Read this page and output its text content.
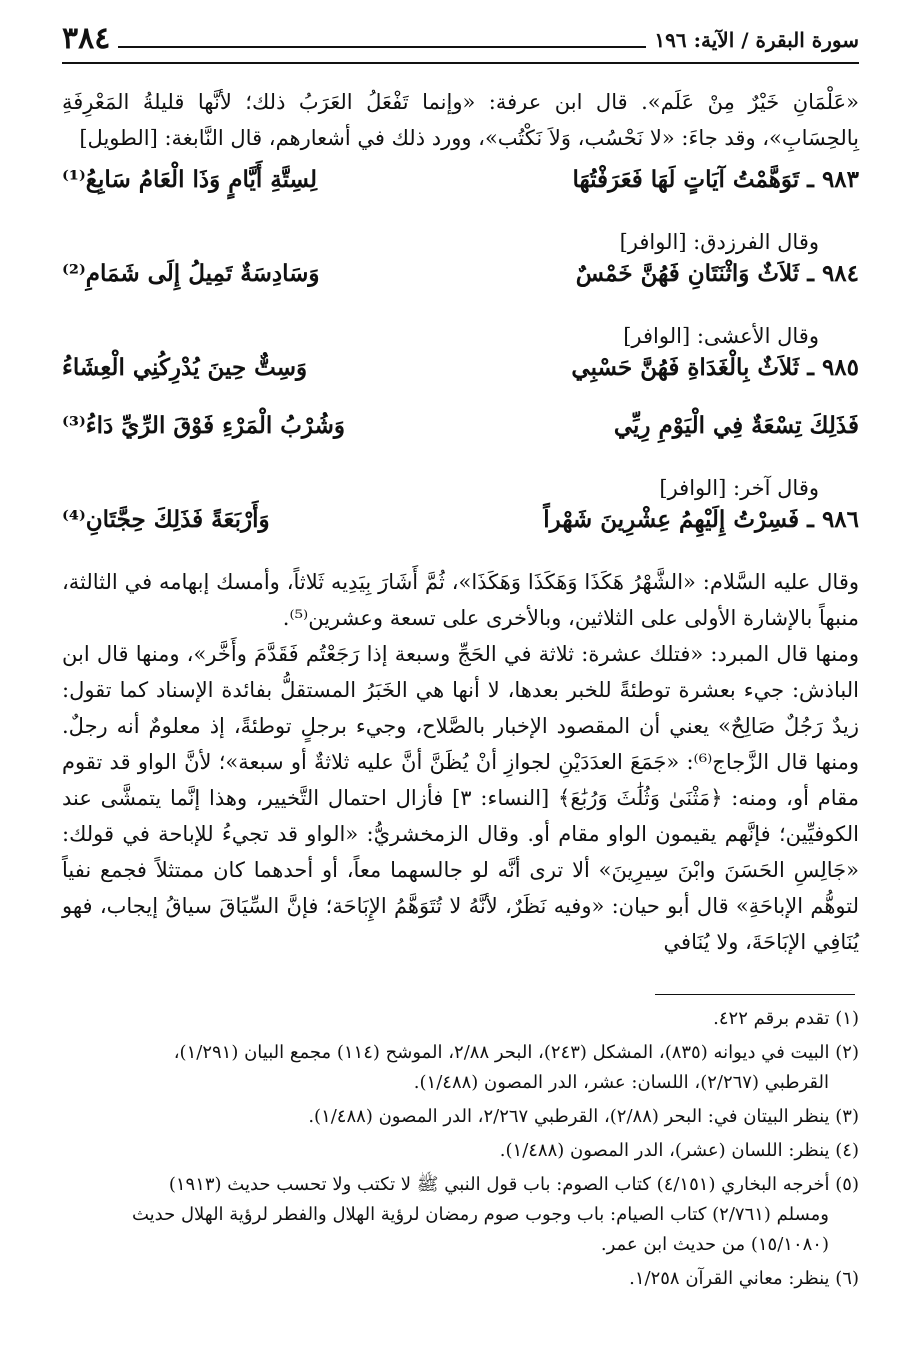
سورة البقرة / الآية: ١٩٦
٣٨٤

«عَلْمَانِ خَيْرٌ مِنْ عَلَم». قال ابن عرفة: «وإنما تَفْعَلُ العَرَبُ ذلك؛ لأنَّها قليلةُ المَعْرِفَةِ بِالحِسَابِ»، وقد جاءَ: «لا نَحْسُب، وَلاَ نَكْتُب»، وورد ذلك في أشعارهم، قال النَّابغة: [الطويل]

٩٨٣ ـ تَوَهَّمْتُ آيَاتٍ لَهَا فَعَرَفْتُهَا
لِسِتَّةِ أَيَّامٍ وَذَا الْعَامُ سَابِعُ⁽¹⁾

وقال الفرزدق: [الوافر]

٩٨٤ ـ ثَلاَثٌ وَاثْنَتَانِ فَهُنَّ خَمْسٌ
وَسَادِسَةٌ تَمِيلُ إِلَى شَمَامِ⁽²⁾

وقال الأعشى: [الوافر]

٩٨٥ ـ ثَلاَثٌ بِالْغَدَاةِ فَهُنَّ حَسْبِي
وَسِتٌّ حِينَ يُدْرِكُنِي الْعِشَاءُ
فَذَلِكَ تِسْعَةٌ فِي الْيَوْمِ رِيِّي
وَشُرْبُ الْمَرْءِ فَوْقَ الرِّيِّ دَاءُ⁽³⁾

وقال آخر: [الوافر]

٩٨٦ ـ فَسِرْتُ إِلَيْهِمُ عِشْرِينَ شَهْراً
وَأَرْبَعَةً فَذَلِكَ حِجَّتَانِ⁽⁴⁾

وقال عليه السَّلام: «الشَّهْرُ هَكَذَا وَهَكَذَا وَهَكَذَا»، ثُمَّ أَشَارَ بِيَدِيه ثَلاثاً، وأمسك إبهامه في الثالثة، منبهاً بالإشارة الأولى على الثلاثين، وبالأخرى على تسعة وعشرين⁽⁵⁾.

ومنها قال المبرد: «فتلك عشرة: ثلاثة في الحَجِّ وسبعة إذا رَجَعْتُم فَقَدَّمَ وأَخَّر»، ومنها قال ابن الباذش: جيء بعشرة توطئةً للخبر بعدها، لا أنها هي الخَبَرُ المستقلُّ بفائدة الإسناد كما تقول: زيدٌ رَجُلٌ صَالِحٌ» يعني أن المقصود الإخبار بالصَّلاح، وجيء برجلٍ توطئةً، إذ معلومٌ أنه رجلٌ. ومنها قال الزَّجاج⁽⁶⁾: «جَمَعَ العدَدَيْنِ لجوازِ أنْ يُظَنَّ أنَّ عليه ثلاثةٌ أو سبعة»؛ لأنَّ الواو قد تقوم مقام أو، ومنه: ﴿مَثْنَىٰ وَثُلَٰثَ وَرُبَٰعَ﴾ [النساء: ٣] فأزال احتمال التَّخيير، وهذا إنَّما يتمشَّى عند الكوفيِّين؛ فإنَّهم يقيمون الواو مقام أو. وقال الزمخشريُّ: «الواو قد تجيءُ للإباحة في قولك: «جَالِسِ الحَسَنَ وابْنَ سِيرِينَ» ألا ترى أنَّه لو جالسهما معاً، أو أحدهما كان ممتثلاً فجمع نفياً لتوهُّم الإباحَةِ» قال أبو حيان: «وفيه نَظَرٌ، لأنَّهُ لا تُتَوَهَّمُ الإِبَاحَة؛ فإنَّ السِّيَاقَ سياقُ إيجاب، فهو يُنَافِي الإبَاحَةَ، ولا يُنَافي

(١) تقدم برقم ٤٢٢.

(٢) البيت في ديوانه (٨٣٥)، المشكل (٢٤٣)، البحر ٢/٨٨، الموشح (١١٤) مجمع البيان (١/٢٩١)،
القرطبي (٢/٢٦٧)، اللسان: عشر، الدر المصون (١/٤٨٨).

(٣) ينظر البيتان في: البحر (٢/٨٨)، القرطبي ٢/٢٦٧، الدر المصون (١/٤٨٨).

(٤) ينظر: اللسان (عشر)، الدر المصون (١/٤٨٨).

(٥) أخرجه البخاري (٤/١٥١) كتاب الصوم: باب قول النبي ﷺ لا تكتب ولا تحسب حديث (١٩١٣)
ومسلم (٢/٧٦١) كتاب الصيام: باب وجوب صوم رمضان لرؤية الهلال والفطر لرؤية الهلال حديث
(١٥/١٠٨٠) من حديث ابن عمر.

(٦) ينظر: معاني القرآن ١/٢٥٨.
